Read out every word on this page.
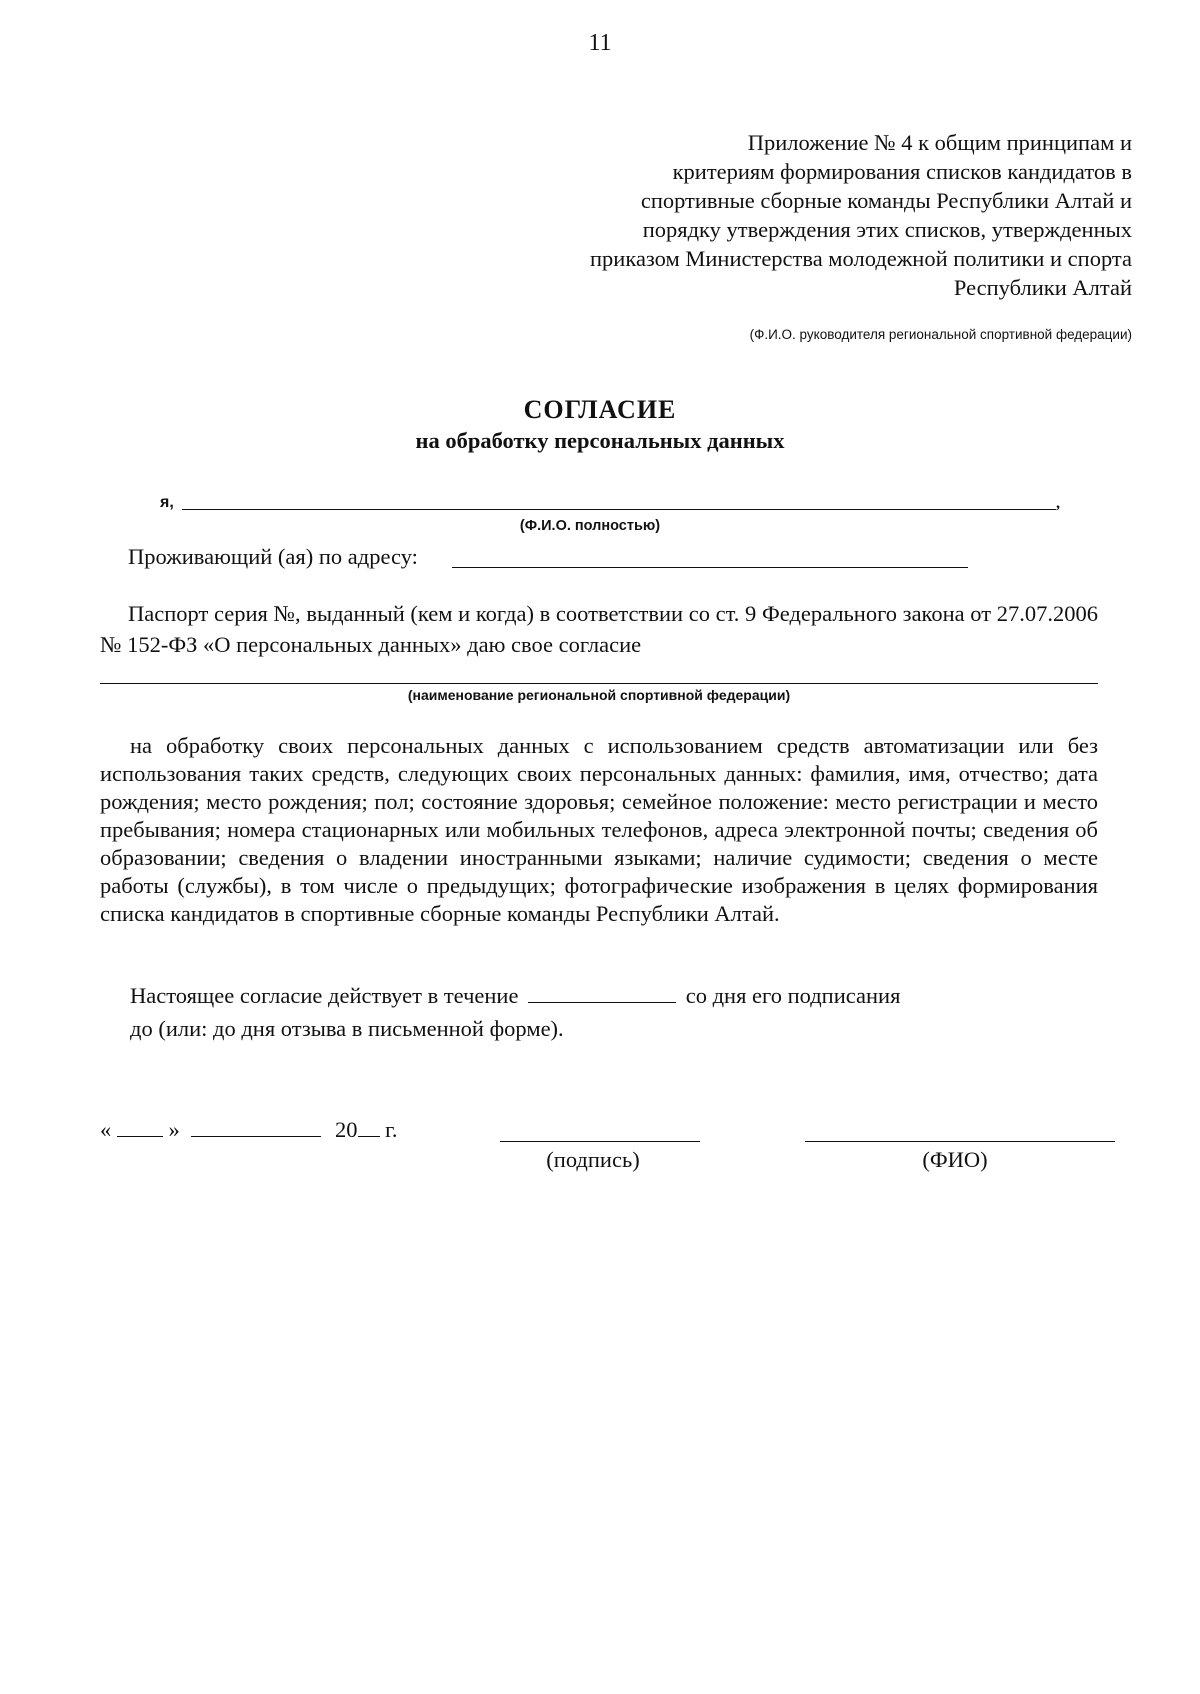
11
Приложение № 4 к общим принципам и
критериям формирования списков кандидатов в
спортивные сборные команды Республики Алтай и
порядку утверждения этих списков, утвержденных
приказом Министерства молодежной политики и спорта
Республики Алтай
(Ф.И.О. руководителя региональной спортивной федерации)
СОГЛАСИЕ
на обработку персональных данных
я,	,
(Ф.И.О. полностью)
Проживающий (ая) по адресу:

Паспорт серия №, выданный (кем и когда) в соответствии со ст. 9 Федерального закона от 27.07.2006 № 152-ФЗ «О персональных данных» даю свое согласие

(наименование региональной спортивной федерации)

на обработку своих персональных данных с использованием средств автоматизации или без использования таких средств, следующих своих персональных данных: фамилия, имя, отчество; дата рождения; место рождения; пол; состояние здоровья; семейное положение: место регистрации и место пребывания; номера стационарных или мобильных телефонов, адреса электронной почты; сведения об образовании; сведения о владении иностранными языками; наличие судимости; сведения о месте работы (службы), в том числе о предыдущих; фотографические изображения в целях формирования списка кандидатов в спортивные сборные команды Республики Алтай.

Настоящее согласие действует в течение	со дня его подписания
до (или: до дня отзыва в письменной форме).
«	»	20 г.
(подпись)	(ФИО)
